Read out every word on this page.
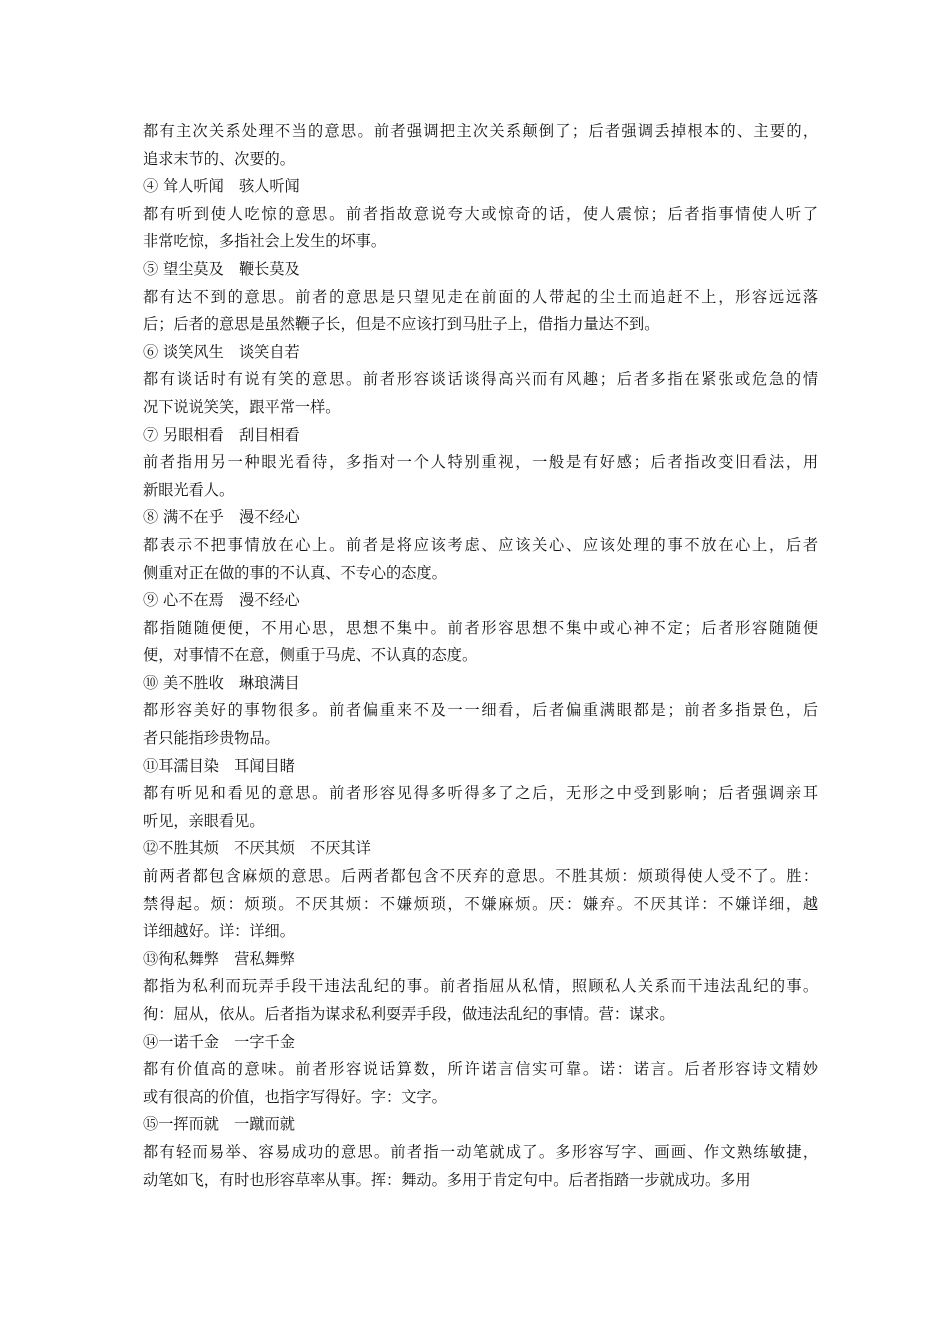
都有主次关系处理不当的意思。前者强调把主次关系颠倒了；后者强调丢掉根本的、主要的，
追求末节的、次要的。
④ 耸人听闻　骇人听闻
都有听到使人吃惊的意思。前者指故意说夸大或惊奇的话，使人震惊；后者指事情使人听了
非常吃惊，多指社会上发生的坏事。
⑤ 望尘莫及　鞭长莫及
都有达不到的意思。前者的意思是只望见走在前面的人带起的尘土而追赶不上，形容远远落
后；后者的意思是虽然鞭子长，但是不应该打到马肚子上，借指力量达不到。
⑥ 谈笑风生　谈笑自若
都有谈话时有说有笑的意思。前者形容谈话谈得高兴而有风趣；后者多指在紧张或危急的情
况下说说笑笑，跟平常一样。
⑦ 另眼相看　刮目相看
前者指用另一种眼光看待，多指对一个人特别重视，一般是有好感；后者指改变旧看法，用
新眼光看人。
⑧ 满不在乎　漫不经心
都表示不把事情放在心上。前者是将应该考虑、应该关心、应该处理的事不放在心上，后者
侧重对正在做的事的不认真、不专心的态度。
⑨ 心不在焉　漫不经心
都指随随便便，不用心思，思想不集中。前者形容思想不集中或心神不定；后者形容随随便
便，对事情不在意，侧重于马虎、不认真的态度。
⑩ 美不胜收　琳琅满目
都形容美好的事物很多。前者偏重来不及一一细看，后者偏重满眼都是；前者多指景色，后
者只能指珍贵物品。
⑪耳濡目染　耳闻目睹
都有听见和看见的意思。前者形容见得多听得多了之后，无形之中受到影响；后者强调亲耳
听见，亲眼看见。
⑫不胜其烦　不厌其烦　不厌其详
前两者都包含麻烦的意思。后两者都包含不厌弃的意思。不胜其烦：烦琐得使人受不了。胜：
禁得起。烦：烦琐。不厌其烦：不嫌烦琐，不嫌麻烦。厌：嫌弃。不厌其详：不嫌详细，越
详细越好。详：详细。
⑬徇私舞弊　营私舞弊
都指为私利而玩弄手段干违法乱纪的事。前者指屈从私情，照顾私人关系而干违法乱纪的事。
徇：屈从，依从。后者指为谋求私利耍弄手段，做违法乱纪的事情。营：谋求。
⑭一诺千金　一字千金
都有价值高的意味。前者形容说话算数，所许诺言信实可靠。诺：诺言。后者形容诗文精妙
或有很高的价值，也指字写得好。字：文字。
⑮一挥而就　一蹴而就
都有轻而易举、容易成功的意思。前者指一动笔就成了。多形容写字、画画、作文熟练敏捷，
动笔如飞，有时也形容草率从事。挥：舞动。多用于肯定句中。后者指踏一步就成功。多用
